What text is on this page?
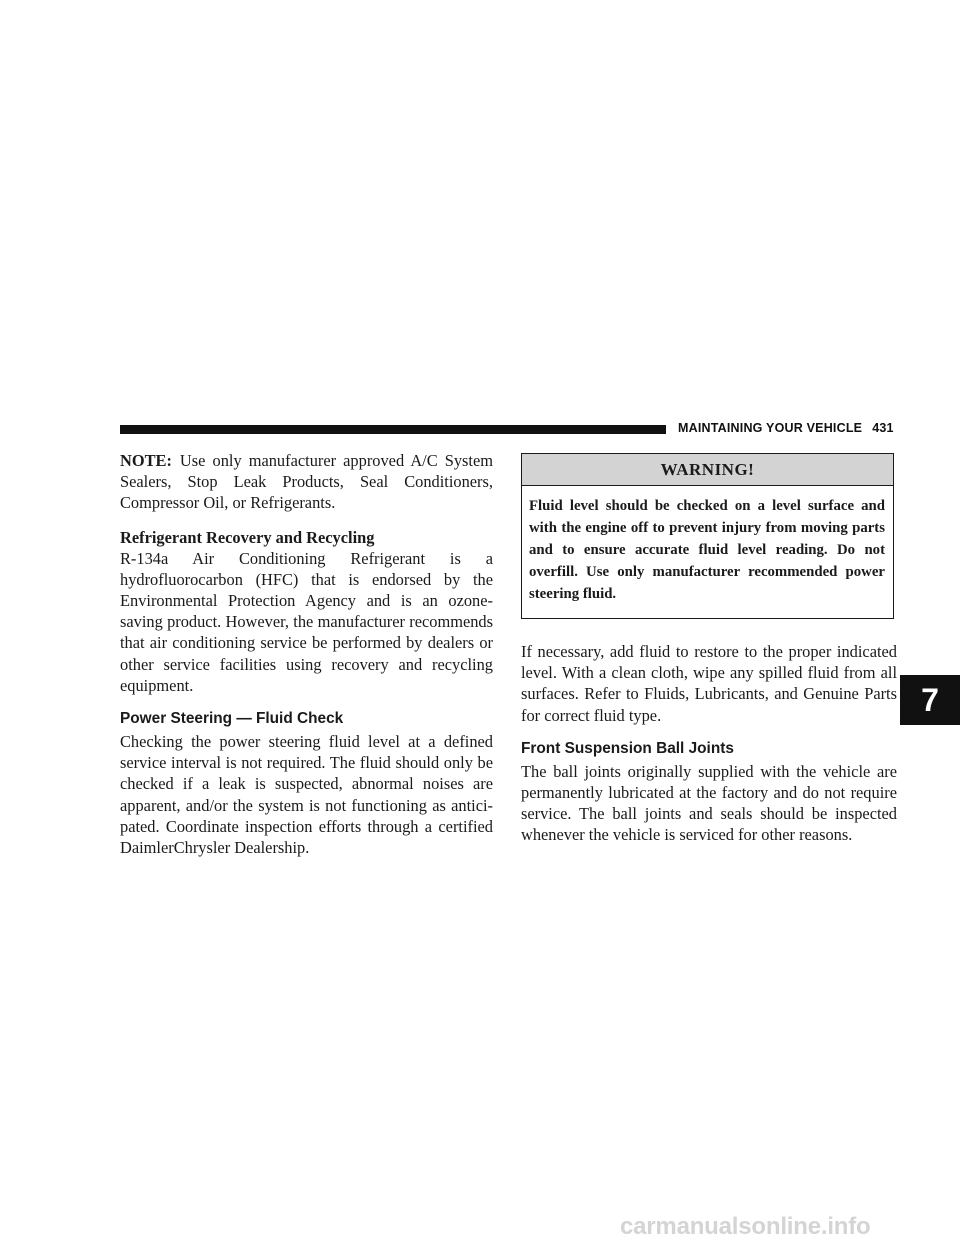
MAINTAINING YOUR VEHICLE 431

NOTE: Use only manufacturer approved A/C System Sealers, Stop Leak Products, Seal Conditioners, Compressor Oil, or Refrigerants.

Refrigerant Recovery and Recycling

R-134a Air Conditioning Refrigerant is a hydrofluorocarbon (HFC) that is endorsed by the Environmental Protection Agency and is an ozone-saving product. However, the manufacturer recommends that air conditioning service be performed by dealers or other service facilities using recovery and recycling equipment.

Power Steering — Fluid Check

Checking the power steering fluid level at a defined service interval is not required. The fluid should only be checked if a leak is suspected, abnormal noises are apparent, and/or the system is not functioning as anticipated. Coordinate inspection efforts through a certified DaimlerChrysler Dealership.

WARNING!
Fluid level should be checked on a level surface and with the engine off to prevent injury from moving parts and to ensure accurate fluid level reading. Do not overfill. Use only manufacturer recommended power steering fluid.

If necessary, add fluid to restore to the proper indicated level. With a clean cloth, wipe any spilled fluid from all surfaces. Refer to Fluids, Lubricants, and Genuine Parts for correct fluid type.

Front Suspension Ball Joints

The ball joints originally supplied with the vehicle are permanently lubricated at the factory and do not require service. The ball joints and seals should be inspected whenever the vehicle is serviced for other reasons.

7
carmanualsonline.info
